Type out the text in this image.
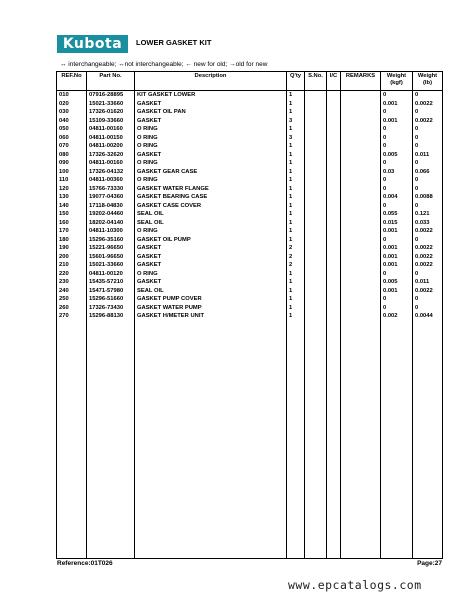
Kubota	LOWER GASKET KIT
↔ interchangeable; ↔not interchangeable; ← new for old; →old for new
REF.No	Part No.	Description	Q'ty	S.No.	I/C	REMARKS	Weight (kgf)	Weight (lb)
010	07916-28895	KIT GASKET LOWER	1				0	0
020	15021-33660	GASKET	1				0.001	0.0022
030	17326-01620	GASKET OIL PAN	1				0	0
040	15109-33660	GASKET	3				0.001	0.0022
050	04811-00160	O RING	1				0	0
060	04811-00150	O RING	3				0	0
070	04811-00200	O RING	1				0	0
080	17326-32620	GASKET	1				0.005	0.011
090	04811-00160	O RING	1				0	0
100	17326-04132	GASKET GEAR CASE	1				0.03	0.066
110	04811-00360	O RING	1				0	0
120	15766-73330	GASKET WATER FLANGE	1				0	0
130	19077-04360	GASKET BEARING CASE	1				0.004	0.0088
140	17118-04830	GASKET CASE COVER	1				0	0
150	19202-04460	SEAL OIL	1				0.055	0.121
160	18202-04140	SEAL OIL	1				0.015	0.033
170	04811-10300	O RING	1				0.001	0.0022
180	15296-35160	GASKET OIL PUMP	1				0	0
190	15221-96650	GASKET	2				0.001	0.0022
200	15601-96650	GASKET	2				0.001	0.0022
210	15021-33660	GASKET	2				0.001	0.0022
220	04811-00120	O RING	1				0	0
230	15435-57210	GASKET	1				0.005	0.011
240	15471-57980	SEAL OIL	1				0.001	0.0022
250	15296-51660	GASKET PUMP COVER	1				0	0
260	17326-73430	GASKET WATER PUMP	1				0	0
270	15296-88130	GASKET H/METER UNIT	1				0.002	0.0044

Reference:01T026	Page:27
www.epcatalogs.com
